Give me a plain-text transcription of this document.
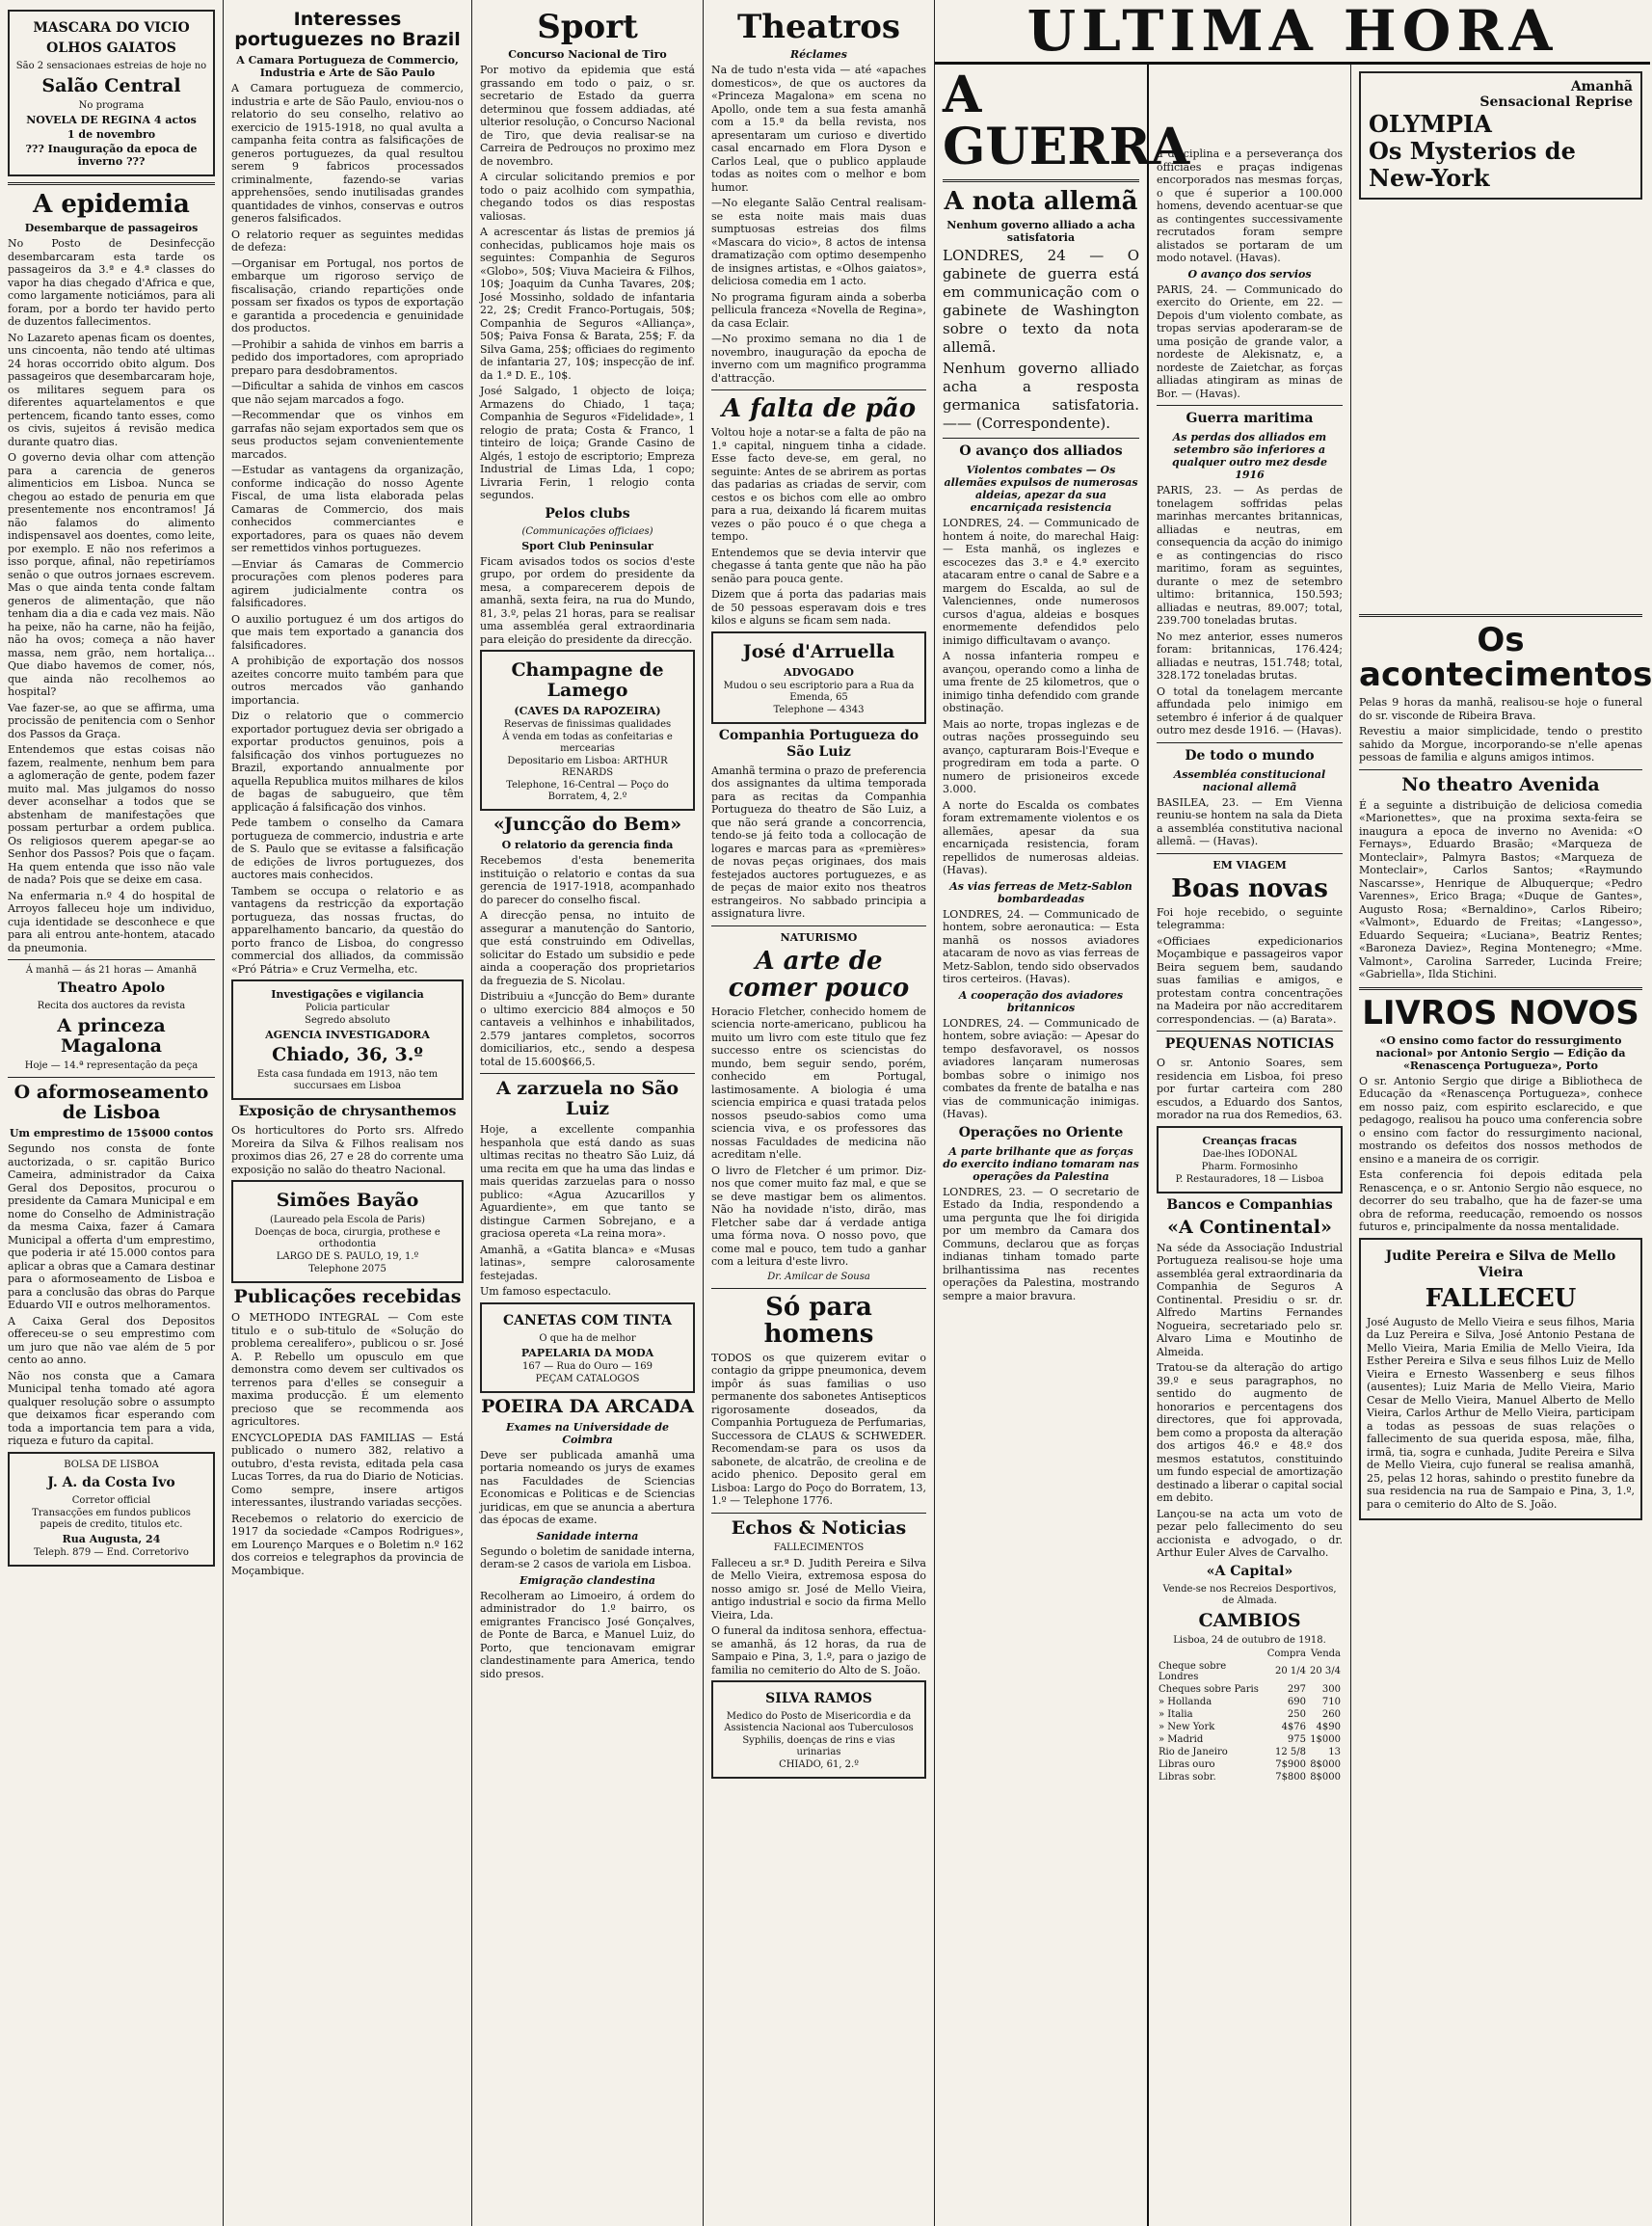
MASCARA DO VICIO
OLHOS GAIATOS
São 2 sensacionaes estreias de hoje no
Salão Central
No programa
NOVELA DE REGINA 4 actos
1 de novembro
??? Inauguração da epoca de inverno ???
A epidemia
Desembarque de passageiros

No Posto de Desinfecção desembarcaram esta tarde os passageiros da 3.ª e 4.ª classes do vapor ha dias chegado d'Africa e que, como largamente noticiámos, para ali foram, por a bordo ter havido perto de duzentos fallecimentos.

No Lazareto apenas ficam os doentes, uns cincoenta, não tendo até ultimas 24 horas occorrido obito algum. Dos passageiros que desembarcaram hoje, os militares seguem para os diferentes aquartelamentos e que pertencem, ficando tanto esses, como os civis, sujeitos á revisão medica durante quatro dias.

O governo devia olhar com attenção para a carencia de generos alimenticios em Lisboa. Nunca se chegou ao estado de penuria em que presentemente nos encontramos! Já não falamos do alimento indispensavel aos doentes, como leite, por exemplo. E não nos referimos a isso porque, afinal, não repetiríamos senão o que outros jornaes escrevem. Mas o que ainda tenta conde faltam generos de alimentação, que não tenham dia a dia e cada vez mais. Não ha peixe, não ha carne, não ha feijão, não ha ovos; começa a não haver massa, nem grão, nem hortaliça... Que diabo havemos de comer, nós, que ainda não recolhemos ao hospital?

Vae fazer-se, ao que se affirma, uma procissão de penitencia com o Senhor dos Passos da Graça.

Entendemos que estas coisas não fazem, realmente, nenhum bem para a aglomeração de gente, podem fazer muito mal. Mas julgamos do nosso dever aconselhar a todos que se abstenham de manifestações que possam perturbar a ordem publica. Os religiosos querem apegar-se ao Senhor dos Passos? Pois que o façam. Ha quem entenda que isso não vale de nada? Pois que se deixe em casa.

Na enfermaria n.º 4 do hospital de Arroyos falleceu hoje um individuo, cuja identidade se desconhece e que para ali entrou ante-hontem, atacado da pneumonia.

Á manhã — ás 21 horas — Amanhã
Theatro Apolo
Recita dos auctores da revista
A princeza Magalona
Hoje — 14.ª representação da peça
O aformoseamento de Lisboa
Um emprestimo de 15$000 contos

Segundo nos consta de fonte auctorizada, o sr. capitão Burico Cameira, administrador da Caixa Geral dos Depositos, procurou o presidente da Camara Municipal e em nome do Conselho de Administração da mesma Caixa, fazer á Camara Municipal a offerta d'um emprestimo, que poderia ir até 15.000 contos para aplicar a obras que a Camara destinar para o aformoseamento de Lisboa e para a conclusão das obras do Parque Eduardo VII e outros melhoramentos.

A Caixa Geral dos Depositos offereceu-se o seu emprestimo com um juro que não vae além de 5 por cento ao anno.

Não nos consta que a Camara Municipal tenha tomado até agora qualquer resolução sobre o assumpto que deixamos ficar esperando com toda a importancia tem para a vida, riqueza e futuro da capital.

BOLSA DE LISBOA
J. A. da Costa Ivo
Corretor official
Transacções em fundos publicos papeis de credito, titulos etc.
Rua Augusta, 24
Teleph. 879 — End. Corretorivo
Interesses portuguezes no Brazil
A Camara Portugueza de Commercio, Industria e Arte de São Paulo

A Camara portugueza de commercio, industria e arte de São Paulo, enviou-nos o relatorio do seu conselho, relativo ao exercicio de 1915-1918, no qual avulta a campanha feita contra as falsificações de generos portuguezes, da qual resultou serem 9 fabricos processados criminalmente, fazendo-se varias apprehensões, sendo inutilisadas grandes quantidades de vinhos, conservas e outros generos falsificados.

O relatorio requer as seguintes medidas de defeza:

—Organisar em Portugal, nos portos de embarque um rigoroso serviço de fiscalisação, criando repartições onde possam ser fixados os typos de exportação e garantida a procedencia e genuinidade dos productos.

—Prohibir a sahida de vinhos em barris a pedido dos importadores, com apropriado preparo para desdobramentos.

—Dificultar a sahida de vinhos em cascos que não sejam marcados a fogo.

—Recommendar que os vinhos em garrafas não sejam exportados sem que os seus productos sejam convenientemente marcados.

—Estudar as vantagens da organização, conforme indicação do nosso Agente Fiscal, de uma lista elaborada pelas Camaras de Commercio, dos mais conhecidos commerciantes e exportadores, para os quaes não devem ser remettidos vinhos portuguezes.

—Enviar ás Camaras de Commercio procurações com plenos poderes para agirem judicialmente contra os falsificadores.

O auxilio portuguez é um dos artigos do que mais tem exportado a ganancia dos falsificadores.

A prohibição de exportação dos nossos azeites concorre muito também para que outros mercados vão ganhando importancia.

Diz o relatorio que o commercio exportador portuguez devia ser obrigado a exportar productos genuinos, pois a falsificação dos vinhos portuguezes no Brazil, exportando annualmente por aquella Republica muitos milhares de kilos de bagas de sabugueiro, que têm applicação á falsificação dos vinhos.

Pede tambem o conselho da Camara portugueza de commercio, industria e arte de S. Paulo que se evitasse a falsificação de edições de livros portuguezes, dos auctores mais conhecidos.

Tambem se occupa o relatorio e as vantagens da restricção da exportação portugueza, das nossas fructas, do apparelhamento bancario, da questão do porto franco de Lisboa, do congresso commercial dos alliados, da commissão «Pró Pátria» e Cruz Vermelha, etc.

Investigações e vigilancia
Policia particular
Segredo absoluto
AGENCIA INVESTIGADORA
Chiado, 36, 3.º
Esta casa fundada em 1913, não tem succursaes em Lisboa
Exposição de chrysanthemos

Os horticultores do Porto srs. Alfredo Moreira da Silva & Filhos realisam nos proximos dias 26, 27 e 28 do corrente uma exposição no salão do theatro Nacional.

Simões Bayão
(Laureado pela Escola de Paris)
Doenças de boca, cirurgia, prothese e orthodontia
LARGO DE S. PAULO, 19, 1.º
Telephone 2075
Publicações recebidas

O METHODO INTEGRAL — Com este titulo e o sub-titulo de «Solução do problema cerealifero», publicou o sr. José A. P. Rebello um opusculo em que demonstra como devem ser cultivados os terrenos para d'elles se conseguir a maxima producção. É um elemento precioso que se recommenda aos agricultores.

ENCYCLOPEDIA DAS FAMILIAS — Está publicado o numero 382, relativo a outubro, d'esta revista, editada pela casa Lucas Torres, da rua do Diario de Noticias. Como sempre, insere artigos interessantes, ilustrando variadas secções.

Recebemos o relatorio do exercicio de 1917 da sociedade «Campos Rodrigues», em Lourenço Marques e o Boletim n.º 162 dos correios e telegraphos da provincia de Moçambique.

Sport
Concurso Nacional de Tiro

Por motivo da epidemia que está grassando em todo o paiz, o sr. secretario de Estado da guerra determinou que fossem addiadas, até ulterior resolução, o Concurso Nacional de Tiro, que devia realisar-se na Carreira de Pedrouços no proximo mez de novembro.

A circular solicitando premios e por todo o paiz acolhido com sympathia, chegando todos os dias respostas valiosas.

A acrescentar ás listas de premios já conhecidas, publicamos hoje mais os seguintes: Companhia de Seguros «Globo», 50$; Viuva Macieira & Filhos, 10$; Joaquim da Cunha Tavares, 20$; José Mossinho, soldado de infantaria 22, 2$; Credit Franco-Portugais, 50$; Companhia de Seguros «Alliança», 50$; Paiva Fonsa & Barata, 25$; F. da Silva Gama, 25$; officiaes do regimento de infantaria 27, 10$; inspecção de inf. da 1.ª D. E., 10$.

José Salgado, 1 objecto de loiça; Armazens do Chiado, 1 taça; Companhia de Seguros «Fidelidade», 1 relogio de prata; Costa & Franco, 1 tinteiro de loiça; Grande Casino de Algés, 1 estojo de escriptorio; Empreza Industrial de Limas Lda, 1 copo; Livraria Ferin, 1 relogio conta segundos.

Pelos clubs
(Communicações officiaes)
Sport Club Peninsular

Ficam avisados todos os socios d'este grupo, por ordem do presidente da mesa, a comparecerem depois de amanhã, sexta feira, na rua do Mundo, 81, 3.º, pelas 21 horas, para se realisar uma assembléa geral extraordinaria para eleição do presidente da direcção.

Champagne de Lamego
(CAVES DA RAPOZEIRA)
Reservas de finissimas qualidades
Á venda em todas as confeitarias e mercearias
Depositario em Lisboa: ARTHUR RENARDS
Telephone, 16-Central — Poço do Borratem, 4, 2.º
«Juncção do Bem»
O relatorio da gerencia finda

Recebemos d'esta benemerita instituição o relatorio e contas da sua gerencia de 1917-1918, acompanhado do parecer do conselho fiscal.

A direcção pensa, no intuito de assegurar a manutenção do Santorio, que está construindo em Odivellas, solicitar do Estado um subsidio e pede ainda a cooperação dos proprietarios da freguezia de S. Nicolau.

Distribuiu a «Juncção do Bem» durante o ultimo exercicio 884 almoços e 50 cantaveis a velhinhos e inhabilitados, 2.579 jantares completos, socorros domiciliarios, etc., sendo a despesa total de 15.600$66,5.

A zarzuela no São Luiz

Hoje, a excellente companhia hespanhola que está dando as suas ultimas recitas no theatro São Luiz, dá uma recita em que ha uma das lindas e mais queridas zarzuelas para o nosso publico: «Agua Azucarillos y Aguardiente», em que tanto se distingue Carmen Sobrejano, e a graciosa opereta «La reina mora».

Amanhã, a «Gatita blanca» e «Musas latinas», sempre calorosamente festejadas.

Um famoso espectaculo.

CANETAS COM TINTA
O que ha de melhor
PAPELARIA DA MODA
167 — Rua do Ouro — 169
PEÇAM CATALOGOS
POEIRA DA ARCADA
Exames na Universidade de Coimbra

Deve ser publicada amanhã uma portaria nomeando os jurys de exames nas Faculdades de Sciencias Economicas e Politicas e de Sciencias juridicas, em que se anuncia a abertura das épocas de exame.

Sanidade interna

Segundo o boletim de sanidade interna, deram-se 2 casos de variola em Lisboa.

Emigração clandestina

Recolheram ao Limoeiro, á ordem do administrador do 1.º bairro, os emigrantes Francisco José Gonçalves, de Ponte de Barca, e Manuel Luiz, do Porto, que tencionavam emigrar clandestinamente para America, tendo sido presos.

Theatros
Réclames

Na de tudo n'esta vida — até «apaches domesticos», de que os auctores da «Princeza Magalona» em scena no Apollo, onde tem a sua festa amanhã com a 15.ª da bella revista, nos apresentaram um curioso e divertido casal encarnado em Flora Dyson e Carlos Leal, que o publico applaude todas as noites com o melhor e bom humor.

—No elegante Salão Central realisam-se esta noite mais mais duas sumptuosas estreias dos films «Mascara do vicio», 8 actos de intensa dramatização com optimo desempenho de insignes artistas, e «Olhos gaiatos», deliciosa comedia em 1 acto.

No programa figuram ainda a soberba pellicula franceza «Novella de Regina», da casa Eclair.

—No proximo semana no dia 1 de novembro, inauguração da epocha de inverno com um magnifico programma d'attracção.

A falta de pão

Voltou hoje a notar-se a falta de pão na 1.ª capital, ninguem tinha a cidade. Esse facto deve-se, em geral, no seguinte: Antes de se abrirem as portas das padarias as criadas de servir, com cestos e os bichos com elle ao ombro para a rua, deixando lá ficarem muitas vezes o pão pouco é o que chega a tempo.

Entendemos que se devia intervir que chegasse á tanta gente que não ha pão senão para pouca gente.

Dizem que á porta das padarias mais de 50 pessoas esperavam dois e tres kilos e alguns se ficam sem nada.

José d'Arruella
ADVOGADO
Mudou o seu escriptorio para a Rua da Emenda, 65
Telephone — 4343
Companhia Portugueza do São Luiz

Amanhã termina o prazo de preferencia dos assignantes da ultima temporada para as recitas da Companhia Portugueza do theatro de São Luiz, a que não será grande a concorrencia, tendo-se já feito toda a collocação de logares e marcas para as «premières» de novas peças originaes, dos mais festejados auctores portuguezes, e as de peças de maior exito nos theatros estrangeiros. No sabbado principia a assignatura livre.

NATURISMO
A arte de comer pouco

Horacio Fletcher, conhecido homem de sciencia norte-americano, publicou ha muito um livro com este titulo que fez successo entre os sciencistas do mundo, bem seguir sendo, porém, conhecido em Portugal, lastimosamente. A biologia é uma sciencia empirica e quasi tratada pelos nossos pseudo-sabios como uma sciencia viva, e os professores das nossas Faculdades de medicina não acreditam n'elle.

O livro de Fletcher é um primor. Diz-nos que comer muito faz mal, e que se se deve mastigar bem os alimentos. Não ha novidade n'isto, dirão, mas Fletcher sabe dar á verdade antiga uma fórma nova. O nosso povo, que come mal e pouco, tem tudo a ganhar com a leitura d'este livro.

Dr. Amilcar de Sousa
Só para homens

TODOS os que quizerem evitar o contagio da grippe pneumonica, devem impôr ás suas familias o uso permanente dos sabonetes Antisepticos rigorosamente doseados, da Companhia Portugueza de Perfumarias, Successora de CLAUS & SCHWEDER. Recomendam-se para os usos da sabonete, de alcatrão, de creolina e de acido phenico. Deposito geral em Lisboa: Largo do Poço do Borratem, 13, 1.º — Telephone 1776.

Echos & Noticias
FALLECIMENTOS

Falleceu a sr.ª D. Judith Pereira e Silva de Mello Vieira, extremosa esposa do nosso amigo sr. José de Mello Vieira, antigo industrial e socio da firma Mello Vieira, Lda.

O funeral da inditosa senhora, effectua-se amanhã, ás 12 horas, da rua de Sampaio e Pina, 3, 1.º, para o jazigo de familia no cemiterio do Alto de S. João.

SILVA RAMOS
Medico do Posto de Misericordia e da Assistencia Nacional aos Tuberculosos
Syphilis, doenças de rins e vias urinarias
CHIADO, 61, 2.º
ULTIMA HORA
A GUERRA
A nota allemã
Nenhum governo alliado a acha satisfatoria

LONDRES, 24 — O gabinete de guerra está em communicação com o gabinete de Washington sobre o texto da nota allemã.

Nenhum governo alliado acha a resposta germanica satisfatoria. —— (Correspondente).

O avanço dos alliados
Violentos combates — Os allemães expulsos de numerosas aldeias, apezar da sua encarniçada resistencia

LONDRES, 24. — Communicado de hontem á noite, do marechal Haig: — Esta manhã, os inglezes e escocezes das 3.ª e 4.ª exercito atacaram entre o canal de Sabre e a margem do Escalda, ao sul de Valenciennes, onde numerosos cursos d'agua, aldeias e bosques enormemente defendidos pelo inimigo difficultavam o avanço.

A nossa infanteria rompeu e avançou, operando como a linha de uma frente de 25 kilometros, que o inimigo tinha defendido com grande obstinação.

Mais ao norte, tropas inglezas e de outras nações prosseguindo seu avanço, capturaram Bois-l'Eveque e progrediram em toda a parte. O numero de prisioneiros excede 3.000.

A norte do Escalda os combates foram extremamente violentos e os allemães, apesar da sua encarniçada resistencia, foram repellidos de numerosas aldeias. (Havas).

As vias ferreas de Metz-Sablon bombardeadas

LONDRES, 24. — Communicado de hontem, sobre aeronautica: — Esta manhã os nossos aviadores atacaram de novo as vias ferreas de Metz-Sablon, tendo sido observados tiros certeiros. (Havas).

A cooperação dos aviadores britannicos

LONDRES, 24. — Communicado de hontem, sobre aviação: — Apesar do tempo desfavoravel, os nossos aviadores lançaram numerosas bombas sobre o inimigo nos combates da frente de batalha e nas vias de communicação inimigas. (Havas).

Operações no Oriente
A parte brilhante que as forças do exercito indiano tomaram nas operações da Palestina

LONDRES, 23. — O secretario de Estado da India, respondendo a uma pergunta que lhe foi dirigida por um membro da Camara dos Communs, declarou que as forças indianas tinham tomado parte brilhantissima nas recentes operações da Palestina, mostrando sempre a maior bravura.

a disciplina e a perseverança dos officiaes e praças indigenas encorporados nas mesmas forças, o que é superior a 100.000 homens, devendo acentuar-se que as contingentes successivamente recrutados foram sempre alistados se portaram de um modo notavel. (Havas).

O avanço dos servios

PARIS, 24. — Communicado do exercito do Oriente, em 22. — Depois d'um violento combate, as tropas servias apoderaram-se de uma posição de grande valor, a nordeste de Alekisnatz, e, a nordeste de Zaietchar, as forças alliadas atingiram as minas de Bor. — (Havas).

Guerra maritima
As perdas dos alliados em setembro são inferiores a qualquer outro mez desde 1916

PARIS, 23. — As perdas de tonelagem soffridas pelas marinhas mercantes britannicas, alliadas e neutras, em consequencia da acção do inimigo e as contingencias do risco maritimo, foram as seguintes, durante o mez de setembro ultimo: britannica, 150.593; alliadas e neutras, 89.007; total, 239.700 toneladas brutas.

No mez anterior, esses numeros foram: britannicas, 176.424; alliadas e neutras, 151.748; total, 328.172 toneladas brutas.

O total da tonelagem mercante affundada pelo inimigo em setembro é inferior á de qualquer outro mez desde 1916. — (Havas).

De todo o mundo
Assembléa constitucional nacional allemã

BASILEA, 23. — Em Vienna reuniu-se hontem na sala da Dieta a assembléa constitutiva nacional allemã. — (Havas).

EM VIAGEM
Boas novas

Foi hoje recebido, o seguinte telegramma:

«Officiaes expedicionarios Moçambique e passageiros vapor Beira seguem bem, saudando suas familias e amigos, e protestam contra concentrações na Madeira por não accreditarem correspondencias. — (a) Barata».

PEQUENAS NOTICIAS

O sr. Antonio Soares, sem residencia em Lisboa, foi preso por furtar carteira com 280 escudos, a Eduardo dos Santos, morador na rua dos Remedios, 63.

Creanças fracas
Dae-lhes IODONAL
Pharm. Formosinho
P. Restauradores, 18 — Lisboa
Bancos e Companhias
«A Continental»

Na séde da Associação Industrial Portugueza realisou-se hoje uma assembléa geral extraordinaria da Companhia de Seguros A Continental. Presidiu o sr. dr. Alfredo Martins Fernandes Nogueira, secretariado pelo sr. Alvaro Lima e Moutinho de Almeida.

Tratou-se da alteração do artigo 39.º e seus paragraphos, no sentido do augmento de honorarios e percentagens dos directores, que foi approvada, bem como a proposta da alteração dos artigos 46.º e 48.º dos mesmos estatutos, constituindo um fundo especial de amortização destinado a liberar o capital social em debito.

Lançou-se na acta um voto de pezar pelo fallecimento do seu accionista e advogado, o dr. Arthur Euler Alves de Carvalho.

«A Capital»
Vende-se nos Recreios Desportivos, de Almada.
CAMBIOS
Lisboa, 24 de outubro de 1918.
	Compra	Venda
Cheque sobre Londres	20 1/4	20 3/4
Cheques sobre Paris	297	300
» Hollanda	690	710
» Italia	250	260
» New York	4$76	4$90
» Madrid	975	1$000
Rio de Janeiro	12 5/8	13
Libras ouro	7$900	8$000
Libras sobr.	7$800	8$000
Amanhã
Sensacional Reprise
OLYMPIA
Os Mysterios de New-York
Os acontecimentos

Pelas 9 horas da manhã, realisou-se hoje o funeral do sr. visconde de Ribeira Brava.

Revestiu a maior simplicidade, tendo o prestito sahido da Morgue, incorporando-se n'elle apenas pessoas de familia e alguns amigos intimos.

No theatro Avenida

É a seguinte a distribuição de deliciosa comedia «Marionettes», que na proxima sexta-feira se inaugura a epoca de inverno no Avenida: «O Fernays», Eduardo Brasão; «Marqueza de Monteclair», Palmyra Bastos; «Marqueza de Monteclair», Carlos Santos; «Raymundo Nascarsse», Henrique de Albuquerque; «Pedro Varennes», Erico Braga; «Duque de Gantes», Augusto Rosa; «Bernaldino», Carlos Ribeiro; «Valmont», Eduardo de Freitas; «Langesso», Eduardo Sequeira; «Luciana», Beatriz Rentes; «Baroneza Daviez», Regina Montenegro; «Mme. Valmont», Carolina Sarreder, Lucinda Freire; «Gabriella», Ilda Stichini.

LIVROS NOVOS
«O ensino como factor do ressurgimento nacional» por Antonio Sergio — Edição da «Renascença Portugueza», Porto

O sr. Antonio Sergio que dirige a Bibliotheca de Educação da «Renascença Portugueza», conhece em nosso paiz, com espirito esclarecido, e que pedagogo, realisou ha pouco uma conferencia sobre o ensino com factor do ressurgimento nacional, mostrando os defeitos dos nossos methodos de ensino e a maneira de os corrigir.

Esta conferencia foi depois editada pela Renascença, e o sr. Antonio Sergio não esquece, no decorrer do seu trabalho, que ha de fazer-se uma obra de reforma, reeducação, remoendo os nossos futuros e, principalmente da nossa mentalidade.

Judite Pereira e Silva de Mello Vieira
FALLECEU

José Augusto de Mello Vieira e seus filhos, Maria da Luz Pereira e Silva, José Antonio Pestana de Mello Vieira, Maria Emilia de Mello Vieira, Ida Esther Pereira e Silva e seus filhos Luiz de Mello Vieira e Ernesto Wassenberg e seus filhos (ausentes); Luiz Maria de Mello Vieira, Mario Cesar de Mello Vieira, Manuel Alberto de Mello Vieira, Carlos Arthur de Mello Vieira, participam a todas as pessoas de suas relações o fallecimento de sua querida esposa, mãe, filha, irmã, tia, sogra e cunhada, Judite Pereira e Silva de Mello Vieira, cujo funeral se realisa amanhã, 25, pelas 12 horas, sahindo o prestito funebre da sua residencia na rua de Sampaio e Pina, 3, 1.º, para o cemiterio do Alto de S. João.
